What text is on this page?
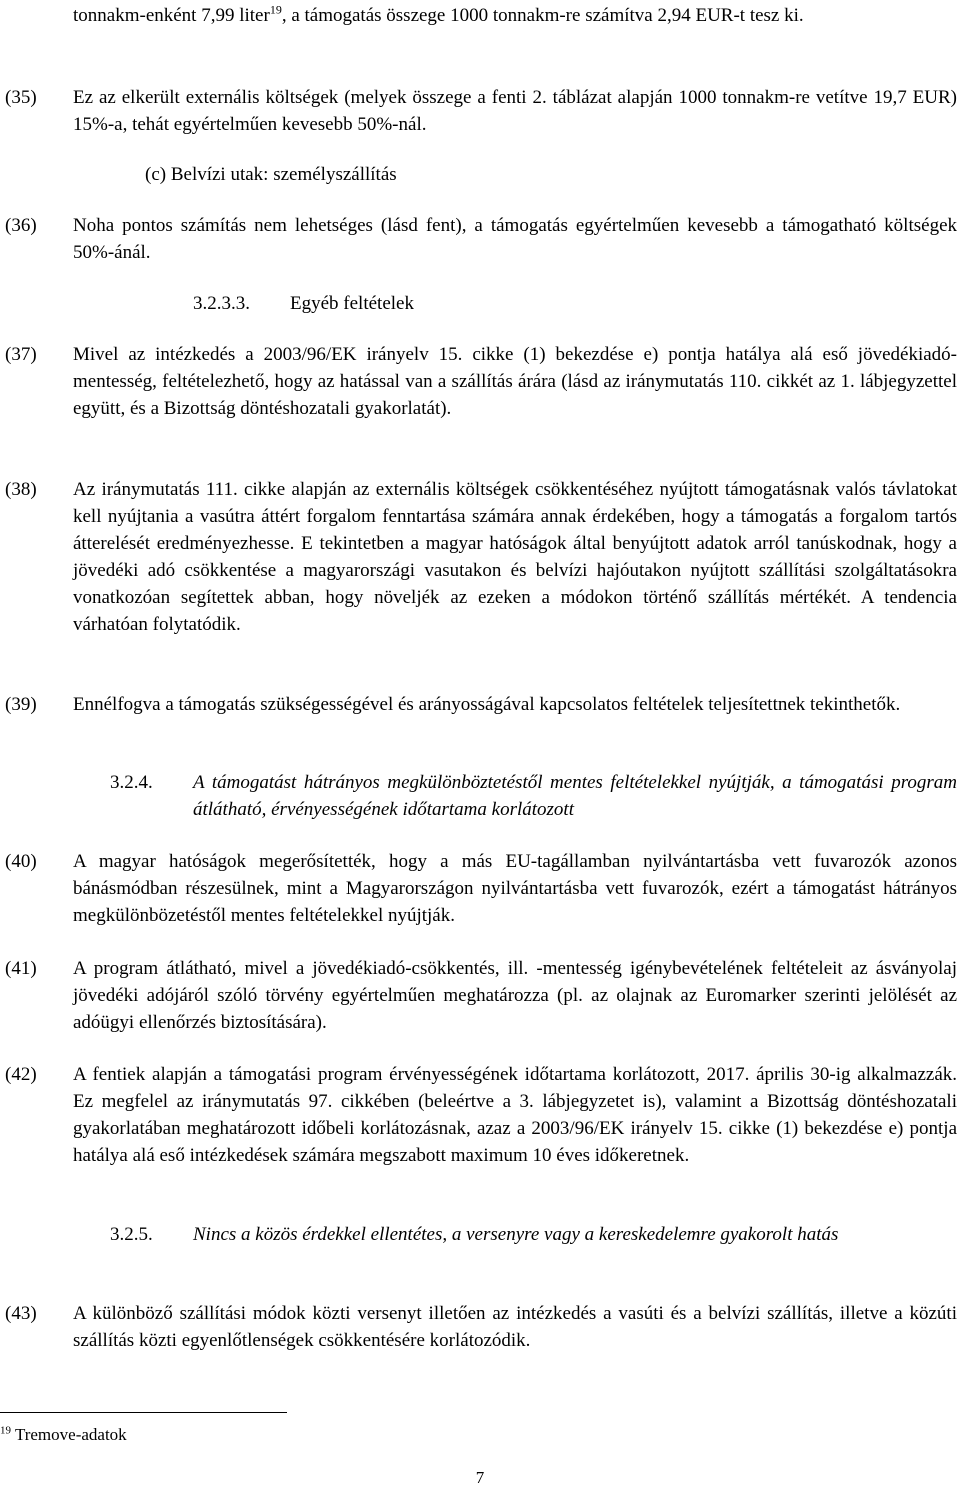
tonnakm-enként 7,99 liter$^{19}$, a támogatás összege 1000 tonnakm-re számítva 2,94 EUR-t tesz ki.
(35) Ez az elkerült externális költségek (melyek összege a fenti 2. táblázat alapján 1000 tonnakm-re vetítve 19,7 EUR) 15%-a, tehát egyértelműen kevesebb 50%-nál.
(c) Belvízi utak: személyszállítás
(36) Noha pontos számítás nem lehetséges (lásd fent), a támogatás egyértelműen kevesebb a támogatható költségek 50%-ánál.
3.2.3.3. Egyéb feltételek
(37) Mivel az intézkedés a 2003/96/EK irányelv 15. cikke (1) bekezdése e) pontja hatálya alá eső jövedékiadó-mentesség, feltételezhető, hogy az hatással van a szállítás árára (lásd az iránymutatás 110. cikkét az 1. lábjegyzettel együtt, és a Bizottság döntéshozatali gyakorlatát).
(38) Az iránymutatás 111. cikke alapján az externális költségek csökkentéséhez nyújtott támogatásnak valós távlatokat kell nyújtania a vasútra áttért forgalom fenntartása számára annak érdekében, hogy a támogatás a forgalom tartós átterelését eredményezhesse. E tekintetben a magyar hatóságok által benyújtott adatok arról tanúskodnak, hogy a jövedéki adó csökkentése a magyarországi vasutakon és belvízi hajóutakon nyújtott szállítási szolgáltatásokra vonatkozóan segítettek abban, hogy növeljék az ezeken a módokon történő szállítás mértékét. A tendencia várhatóan folytatódik.
(39) Ennélfogva a támogatás szükségességével és arányosságával kapcsolatos feltételek teljesítettnek tekinthetők.
3.2.4. A támogatást hátrányos megkülönböztetéstől mentes feltételekkel nyújtják, a támogatási program átlátható, érvényességének időtartama korlátozott
(40) A magyar hatóságok megerősítették, hogy a más EU-tagállamban nyilvántartásba vett fuvarozók azonos bánásmódban részesülnek, mint a Magyarországon nyilvántartásba vett fuvarozók, ezért a támogatást hátrányos megkülönbözetéstől mentes feltételekkel nyújtják.
(41) A program átlátható, mivel a jövedékiadó-csökkentés, ill. -mentesség igénybevételének feltételeit az ásványolaj jövedéki adójáról szóló törvény egyértelműen meghatározza (pl. az olajnak az Euromarker szerinti jelölését az adóügyi ellenőrzés biztosítására).
(42) A fentiek alapján a támogatási program érvényességének időtartama korlátozott, 2017. április 30-ig alkalmazzák. Ez megfelel az iránymutatás 97. cikkében (beleértve a 3. lábjegyzetet is), valamint a Bizottság döntéshozatali gyakorlatában meghatározott időbeli korlátozásnak, azaz a 2003/96/EK irányelv 15. cikke (1) bekezdése e) pontja hatálya alá eső intézkedések számára megszabott maximum 10 éves időkeretnek.
3.2.5. Nincs a közös érdekkel ellentétes, a versenyre vagy a kereskedelemre gyakorolt hatás
(43) A különböző szállítási módok közti versenyt illetően az intézkedés a vasúti és a belvízi szállítás, illetve a közúti szállítás közti egyenlőtlenségek csökkentésére korlátozódik.
$^{19}$ Tremove-adatok
7
